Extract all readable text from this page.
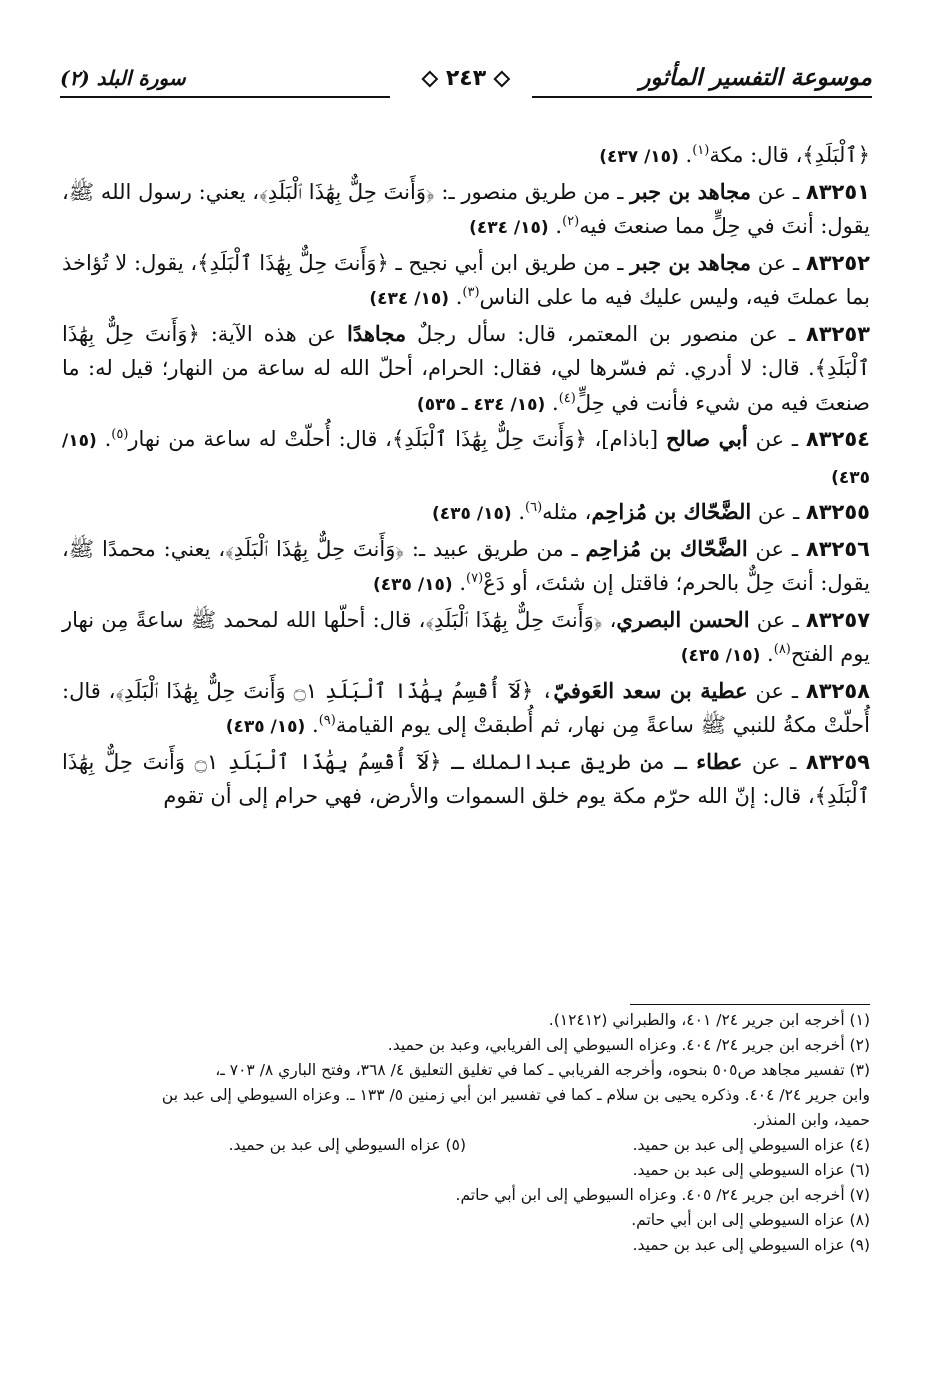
موسوعة التفسير المأثور
٢٤٣
سورة البلد (٢)

﴿ٱلْبَلَدِ﴾، قال: مكة$^{(١)}$. (١٥/ ٤٣٧)

٨٣٢٥١ ـ عن مجاهد بن جبر ـ من طريق منصور ـ: ﴿وَأَنتَ حِلٌّ بِهَٰذَا ٱلْبَلَدِ﴾، يعني: رسول الله ﷺ، يقول: أنتَ في حِلٍّ مما صنعتَ فيه$^{(٢)}$. (١٥/ ٤٣٤)

٨٣٢٥٢ ـ عن مجاهد بن جبر ـ من طريق ابن أبي نجيح ـ ﴿وَأَنتَ حِلٌّ بِهَٰذَا ٱلْبَلَدِ﴾، يقول: لا تُؤاخذ بما عملتَ فيه، وليس عليك فيه ما على الناس$^{(٣)}$. (١٥/ ٤٣٤)

٨٣٢٥٣ ـ عن منصور بن المعتمر، قال: سأل رجلٌ مجاهدًا عن هذه الآية: ﴿وَأَنتَ حِلٌّ بِهَٰذَا ٱلْبَلَدِ﴾. قال: لا أدري. ثم فسّرها لي، فقال: الحرام، أحلّ الله له ساعة من النهار؛ قيل له: ما صنعتَ فيه من شيء فأنت في حِلٍّ$^{(٤)}$. (١٥/ ٤٣٤ ـ ٥٣٥)

٨٣٢٥٤ ـ عن أبي صالح [باذام]، ﴿وَأَنتَ حِلٌّ بِهَٰذَا ٱلْبَلَدِ﴾، قال: أُحلّتْ له ساعة من نهار$^{(٥)}$. (١٥/ ٤٣٥)

٨٣٢٥٥ ـ عن الضَّحّاك بن مُزاحِم، مثله$^{(٦)}$. (١٥/ ٤٣٥)

٨٣٢٥٦ ـ عن الضَّحّاك بن مُزاحِم ـ من طريق عبيد ـ: ﴿وَأَنتَ حِلٌّ بِهَٰذَا ٱلْبَلَدِ﴾، يعني: محمدًا ﷺ، يقول: أنتَ حِلٌّ بالحرم؛ فاقتل إن شئتَ، أو دَعْ$^{(٧)}$. (١٥/ ٤٣٥)

٨٣٢٥٧ ـ عن الحسن البصري، ﴿وَأَنتَ حِلٌّ بِهَٰذَا ٱلْبَلَدِ﴾، قال: أحلّها الله لمحمد ﷺ ساعةً مِن نهار يوم الفتح$^{(٨)}$. (١٥/ ٤٣٥)

٨٣٢٥٨ ـ عن عطية بن سعد العَوفيّ، ﴿لَآ أُقْسِمُ بِهَٰذَا ٱلْبَلَدِ ۝١ وَأَنتَ حِلٌّ بِهَٰذَا ٱلْبَلَدِ﴾، قال: أُحلّتْ مكةُ للنبي ﷺ ساعةً مِن نهار، ثم أُطبقتْ إلى يوم القيامة$^{(٩)}$. (١٥/ ٤٣٥)

٨٣٢٥٩ ـ عن عطاء ـ من طريق عبدالملك ـ ﴿لَآ أُقْسِمُ بِهَٰذَا ٱلْبَلَدِ ۝١ وَأَنتَ حِلٌّ بِهَٰذَا ٱلْبَلَدِ﴾، قال: إنّ الله حرّم مكة يوم خلق السموات والأرض، فهي حرام إلى أن تقوم

(١) أخرجه ابن جرير ٢٤/ ٤٠١، والطبراني (١٢٤١٢).
(٢) أخرجه ابن جرير ٢٤/ ٤٠٤. وعزاه السيوطي إلى الفريابي، وعبد بن حميد.
(٣) تفسير مجاهد ص٥٠٥ بنحوه، وأخرجه الفريابي ـ كما في تغليق التعليق ٤/ ٣٦٨، وفتح الباري ٨/ ٧٠٣ ـ،
وابن جرير ٢٤/ ٤٠٤. وذكره يحيى بن سلام ـ كما في تفسير ابن أبي زمنين ٥/ ١٣٣ ـ. وعزاه السيوطي إلى عبد بن
حميد، وابن المنذر.
(٤) عزاه السيوطي إلى عبد بن حميد.
(٥) عزاه السيوطي إلى عبد بن حميد.
(٦) عزاه السيوطي إلى عبد بن حميد.
(٧) أخرجه ابن جرير ٢٤/ ٤٠٥. وعزاه السيوطي إلى ابن أبي حاتم.
(٨) عزاه السيوطي إلى ابن أبي حاتم.
(٩) عزاه السيوطي إلى عبد بن حميد.
